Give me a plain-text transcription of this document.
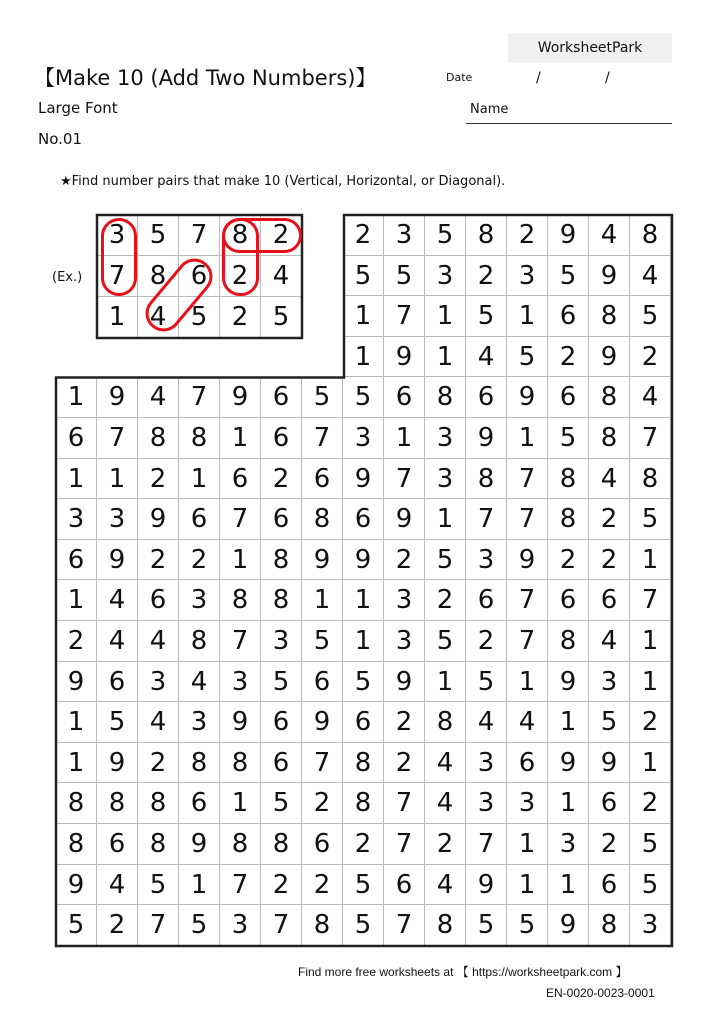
WorksheetPark
【Make 10 (Add Two Numbers)】	Date	/	/
Name
Large Font
No.01
★Find number pairs that make 10 (Vertical, Horizontal, or Diagonal).
(Ex.)
3 5 7 8 2
7 8 6 2 4
1 4 5 2 5
2 3 5 8 2 9 4 8
5 5 3 2 3 5 9 4
1 7 1 5 1 6 8 5
1 9 1 4 5 2 9 2
1 9 4 7 9 6 5 5 6 8 6 9 6 8 4
6 7 8 8 1 6 7 3 1 3 9 1 5 8 7
1 1 2 1 6 2 6 9 7 3 8 7 8 4 8
3 3 9 6 7 6 8 6 9 1 7 7 8 2 5
6 9 2 2 1 8 9 9 2 5 3 9 2 2 1
1 4 6 3 8 8 1 1 3 2 6 7 6 6 7
2 4 4 8 7 3 5 1 3 5 2 7 8 4 1
9 6 3 4 3 5 6 5 9 1 5 1 9 3 1
1 5 4 3 9 6 9 6 2 8 4 4 1 5 2
1 9 2 8 8 6 7 8 2 4 3 6 9 9 1
8 8 8 6 1 5 2 8 7 4 3 3 1 6 2
8 6 8 9 8 8 6 2 7 2 7 1 3 2 5
9 4 5 1 7 2 2 5 6 4 9 1 1 6 5
5 2 7 5 3 7 8 5 7 8 5 5 9 8 3
Find more free worksheets at 【 https://worksheetpark.com 】
EN-0020-0023-0001
